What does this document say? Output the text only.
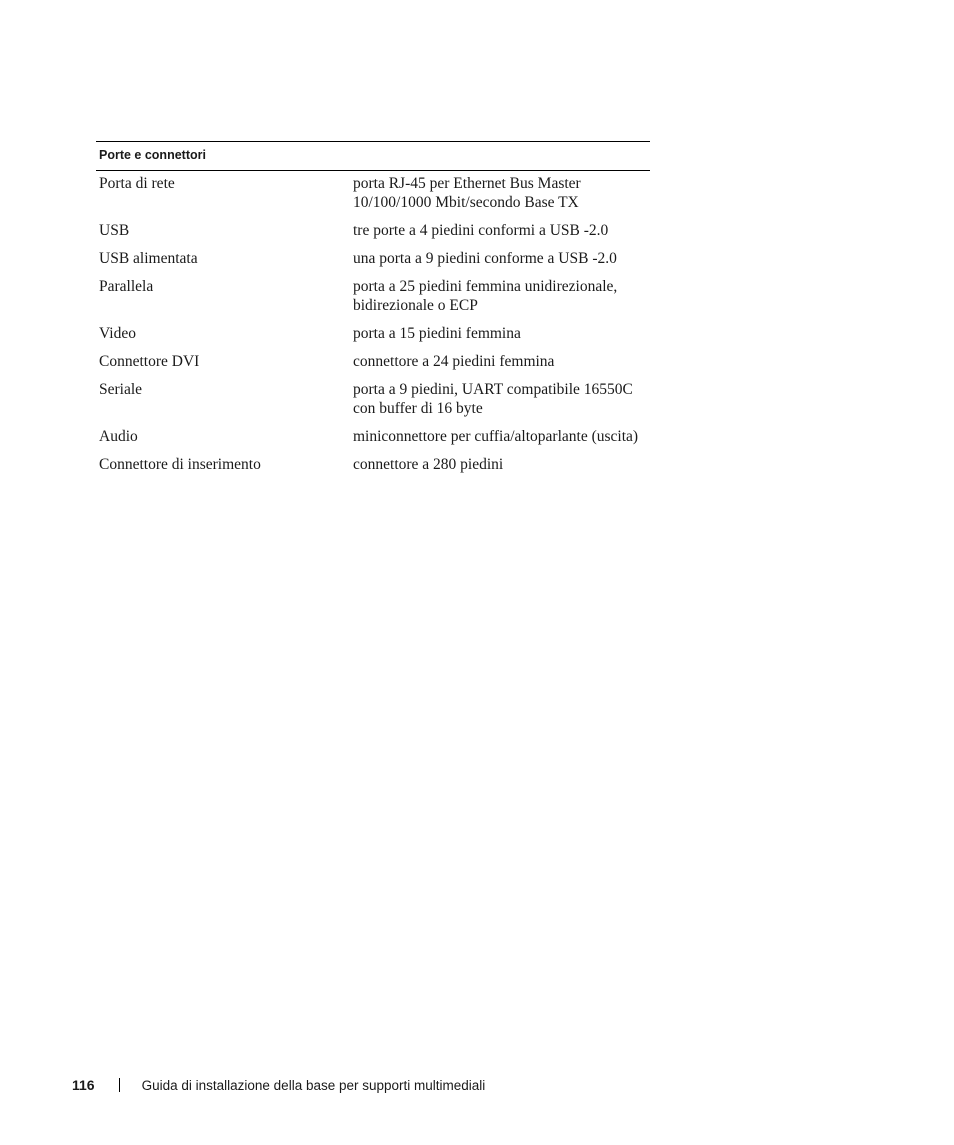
Porte e connettori	
Porta di rete	porta RJ-45 per Ethernet Bus Master 10/100/1000 Mbit/secondo Base TX
USB	tre porte a 4 piedini conformi a USB -2.0
USB alimentata	una porta a 9 piedini conforme a USB -2.0
Parallela	porta a 25 piedini femmina unidirezionale, bidirezionale o ECP
Video	porta a 15 piedini femmina
Connettore DVI	connettore a 24 piedini femmina
Seriale	porta a 9 piedini, UART compatibile 16550C con buffer di 16 byte
Audio	miniconnettore per cuffia/altoparlante (uscita)
Connettore di inserimento	connettore a 280 piedini
116	Guida di installazione della base per supporti multimediali
